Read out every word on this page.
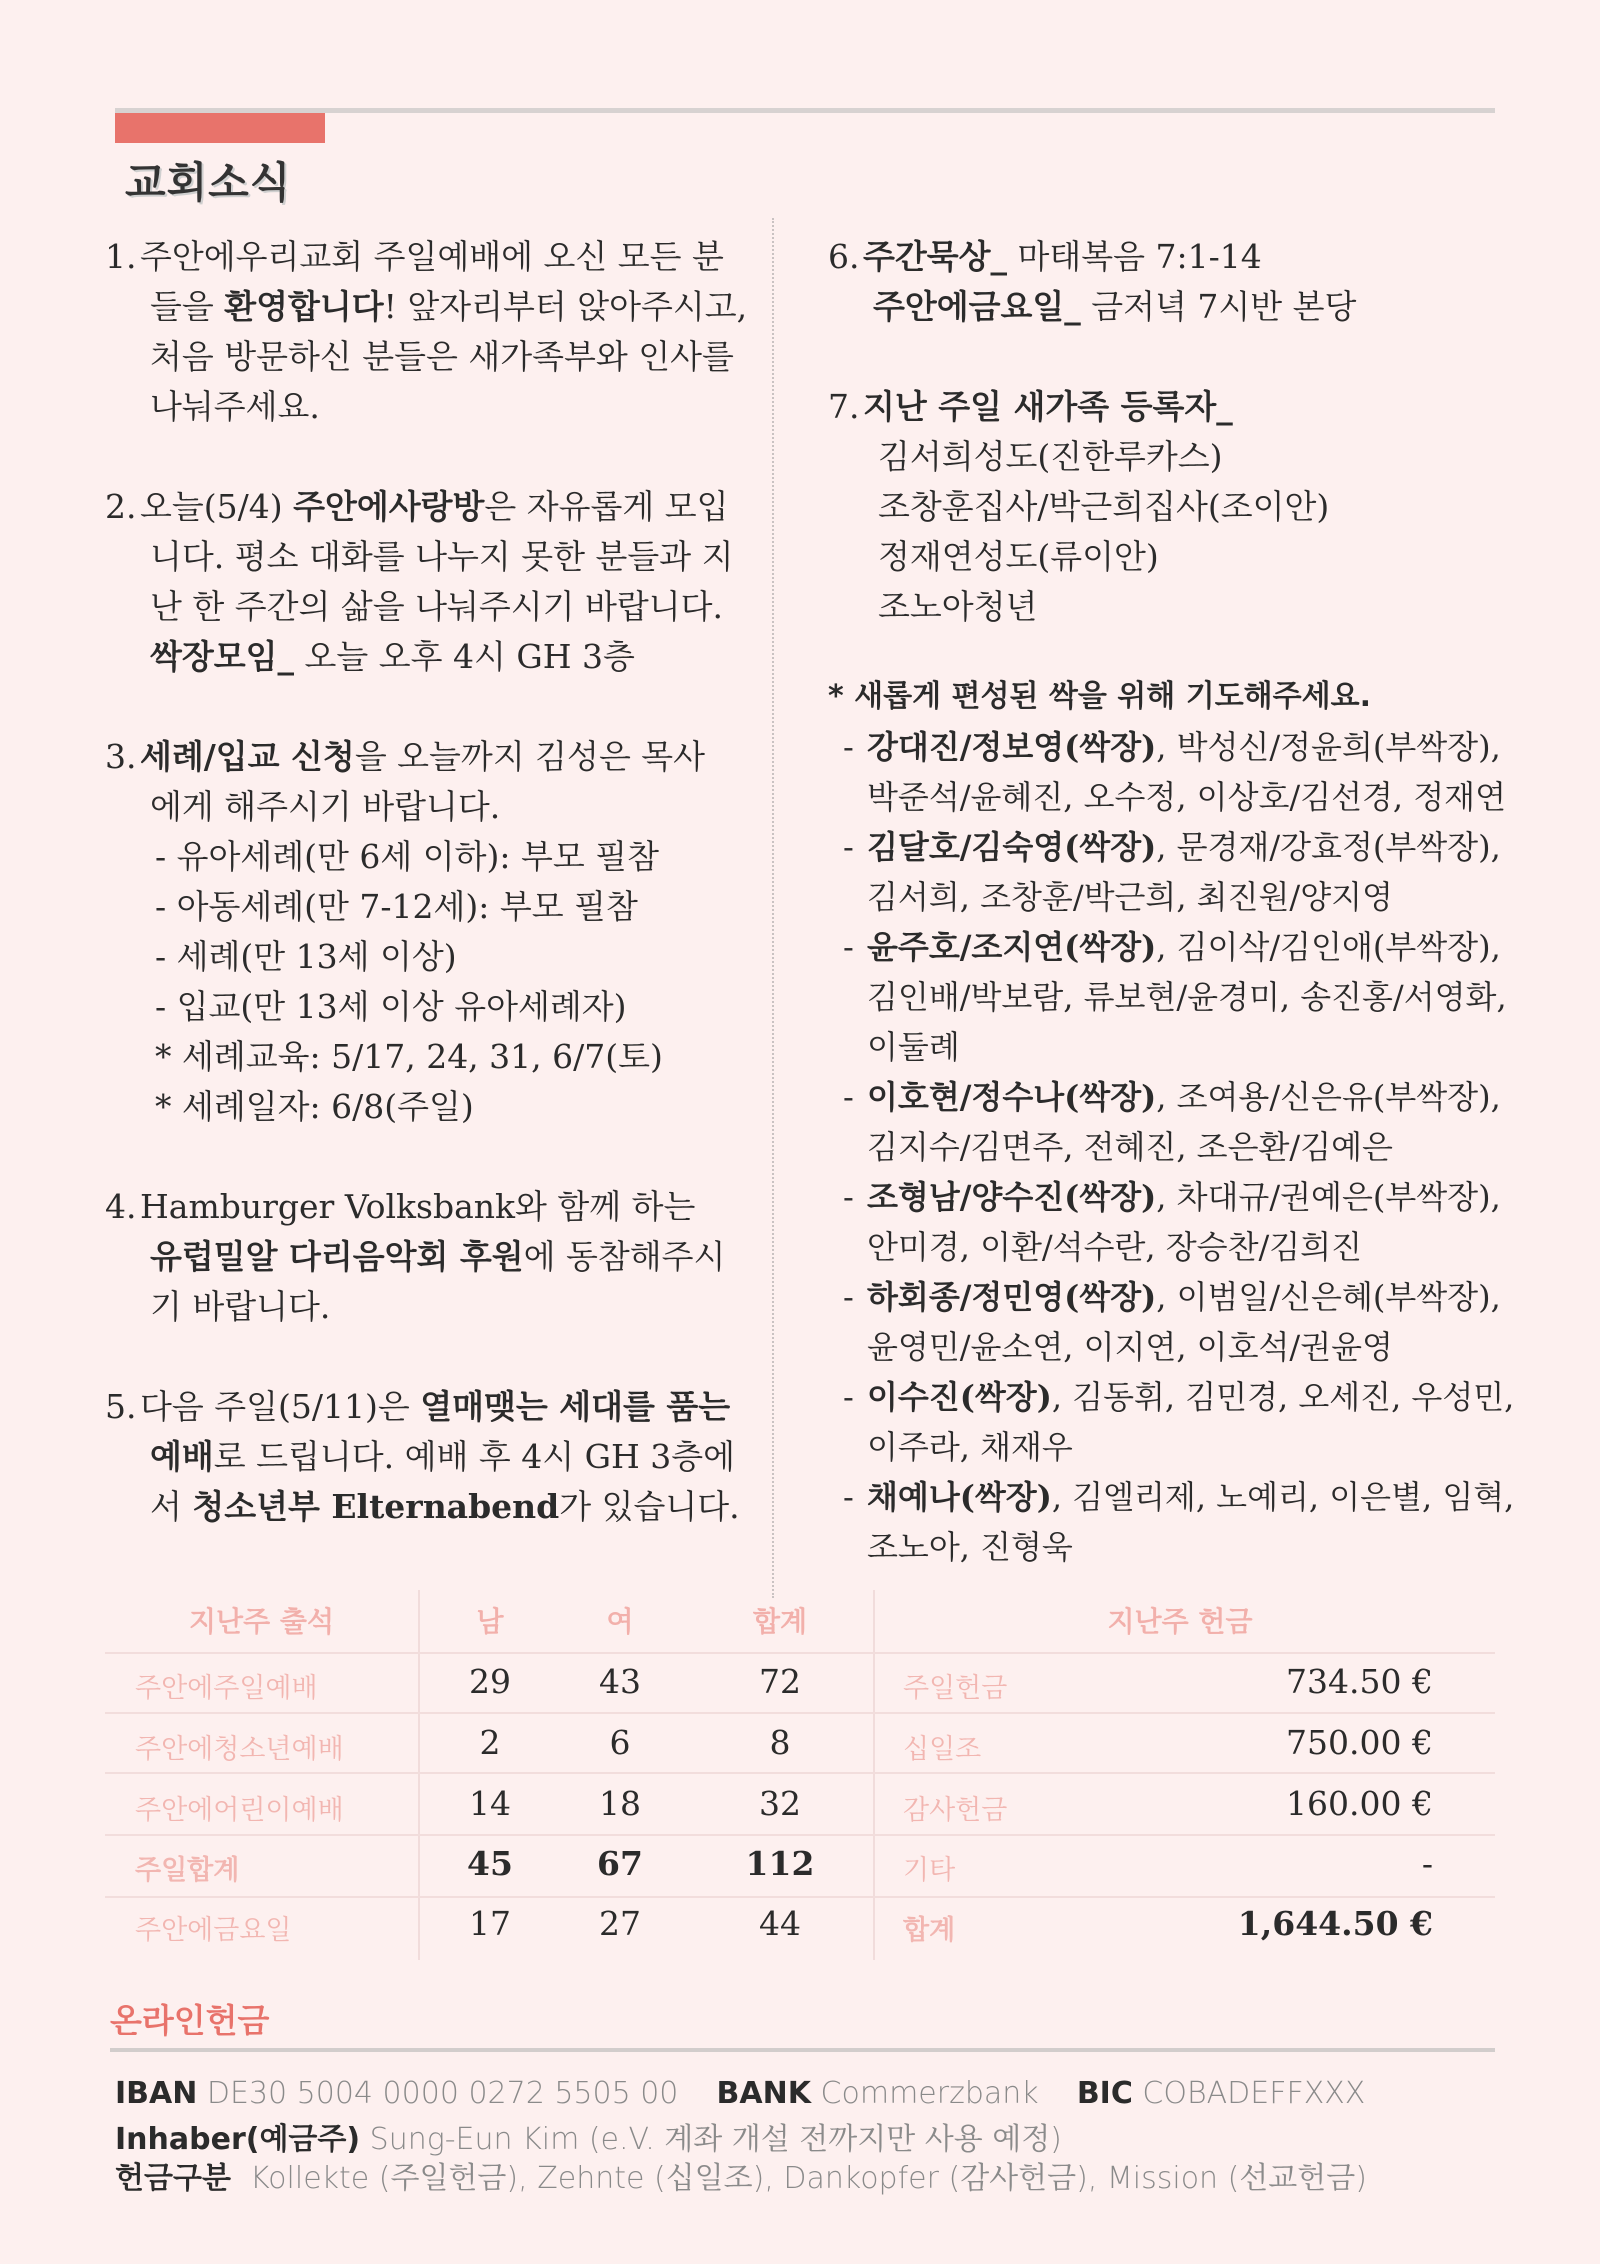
교회소식
1. 주안에우리교회 주일예배에 오신 모든 분
들을 환영합니다! 앞자리부터 앉아주시고,
처음 방문하신 분들은 새가족부와 인사를
나눠주세요.
2. 오늘(5/4) 주안에사랑방은 자유롭게 모입
니다. 평소 대화를 나누지 못한 분들과 지
난 한 주간의 삶을 나눠주시기 바랍니다.
싹장모임_ 오늘 오후 4시 GH 3층
3. 세례/입교 신청을 오늘까지 김성은 목사
에게 해주시기 바랍니다.
- 유아세례(만 6세 이하): 부모 필참
- 아동세례(만 7-12세): 부모 필참
- 세례(만 13세 이상)
- 입교(만 13세 이상 유아세례자)
* 세례교육: 5/17, 24, 31, 6/7(토)
* 세례일자: 6/8(주일)
4. Hamburger Volksbank와 함께 하는
유럽밀알 다리음악회 후원에 동참해주시
기 바랍니다.
5. 다음 주일(5/11)은 열매맺는 세대를 품는
예배로 드립니다. 예배 후 4시 GH 3층에
서 청소년부 Elternabend가 있습니다.
6. 주간묵상_ 마태복음 7:1-14
주안에금요일_ 금저녁 7시반 본당
7. 지난 주일 새가족 등록자_
김서희성도(진한루카스)
조창훈집사/박근희집사(조이안)
정재연성도(류이안)
조노아청년
* 새롭게 편성된 싹을 위해 기도해주세요.
- 강대진/정보영(싹장), 박성신/정윤희(부싹장),
박준석/윤혜진, 오수정, 이상호/김선경, 정재연
- 김달호/김숙영(싹장), 문경재/강효정(부싹장),
김서희, 조창훈/박근희, 최진원/양지영
- 윤주호/조지연(싹장), 김이삭/김인애(부싹장),
김인배/박보람, 류보현/윤경미, 송진홍/서영화,
이둘례
- 이호현/정수나(싹장), 조여용/신은유(부싹장),
김지수/김면주, 전혜진, 조은환/김예은
- 조형남/양수진(싹장), 차대규/권예은(부싹장),
안미경, 이환/석수란, 장승찬/김희진
- 하회종/정민영(싹장), 이범일/신은혜(부싹장),
윤영민/윤소연, 이지연, 이호석/권윤영
- 이수진(싹장), 김동휘, 김민경, 오세진, 우성민,
이주라, 채재우
- 채예나(싹장), 김엘리제, 노예리, 이은별, 임혁,
조노아, 진형욱
지난주 출석	남	여	합계	지난주 헌금
주안에주일예배	29	43	72
주안에청소년예배	2	6	8
주안에어린이예배	14	18	32
주일합계	45	67	112
주안에금요일	17	27	44
주일헌금	734.50 €
십일조	750.00 €
감사헌금	160.00 €
기타	-
합계	1,644.50 €
온라인헌금
IBAN DE30 5004 0000 0272 5505 00 BANK Commerzbank BIC COBADEFFXXX
Inhaber(예금주) Sung-Eun Kim (e.V. 계좌 개설 전까지만 사용 예정)
헌금구분 Kollekte (주일헌금), Zehnte (십일조), Dankopfer (감사헌금), Mission (선교헌금)
